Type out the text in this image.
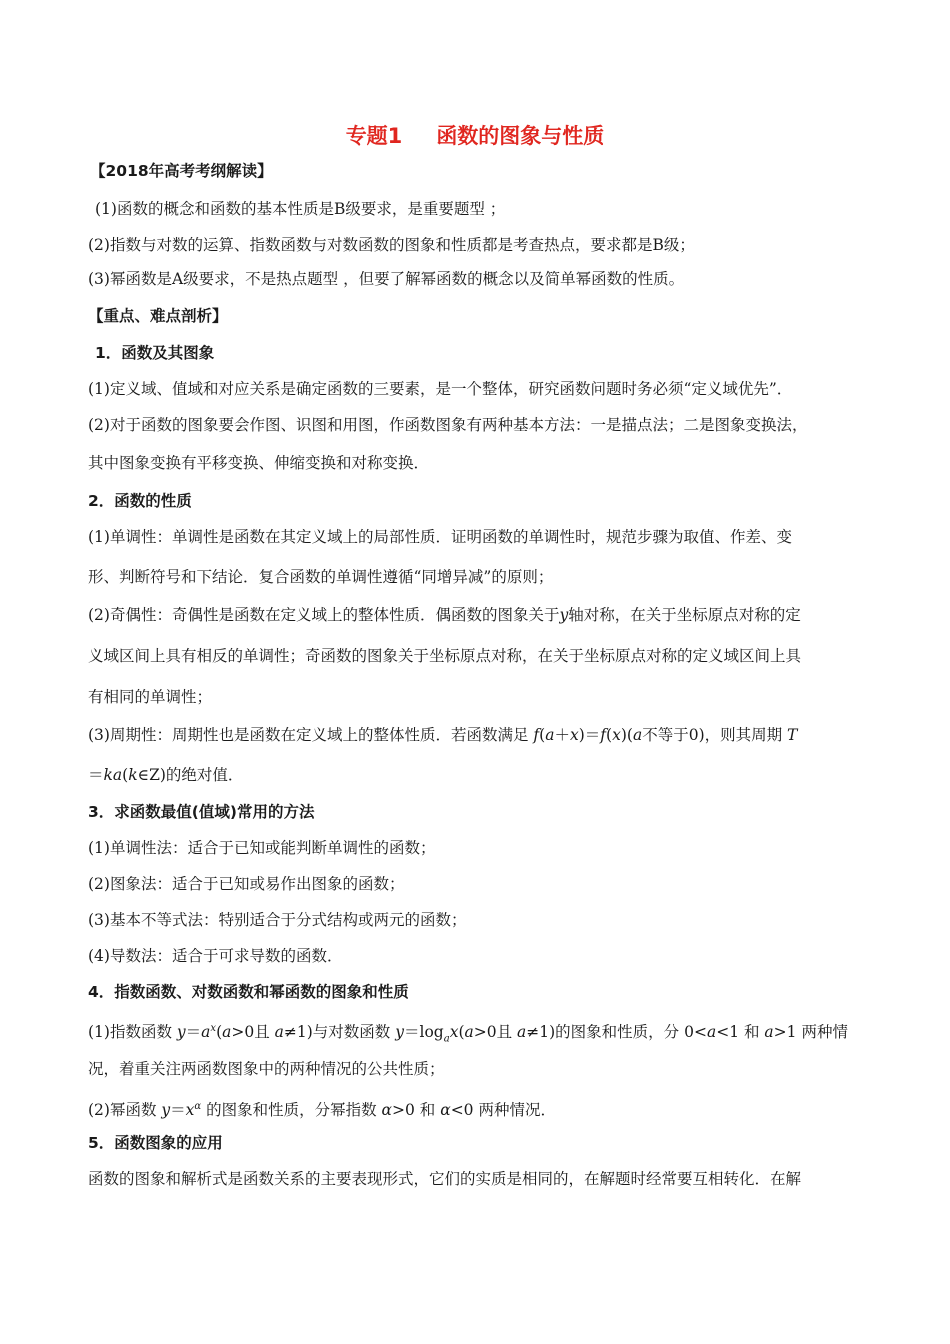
专题1 函数的图象与性质
【2018年高考考纲解读】
(1)函数的概念和函数的基本性质是B级要求，是重要题型 ；
(2)指数与对数的运算、指数函数与对数函数的图象和性质都是考查热点，要求都是B级；
(3)幂函数是A级要求，不是热点题型 ，但要了解幂函数的概念以及简单幂函数的性质。
【重点、难点剖析】
1．函数及其图象
(1)定义域、值域和对应关系是确定函数的三要素，是一个整体，研究函数问题时务必须“定义域优先”．
(2)对于函数的图象要会作图、识图和用图，作函数图象有两种基本方法：一是描点法；二是图象变换法，
其中图象变换有平移变换、伸缩变换和对称变换．
2．函数的性质
(1)单调性：单调性是函数在其定义域上的局部性质．证明函数的单调性时，规范步骤为取值、作差、变
形、判断符号和下结论．复合函数的单调性遵循“同增异减”的原则；
(2)奇偶性：奇偶性是函数在定义域上的整体性质．偶函数的图象关于y轴对称，在关于坐标原点对称的定
义域区间上具有相反的单调性；奇函数的图象关于坐标原点对称，在关于坐标原点对称的定义域区间上具
有相同的单调性；
(3)周期性：周期性也是函数在定义域上的整体性质．若函数满足 f(a＋x)＝f(x)(a不等于0)，则其周期 T
＝ka(k∈Z)的绝对值．
3．求函数最值(值域)常用的方法
(1)单调性法：适合于已知或能判断单调性的函数；
(2)图象法：适合于已知或易作出图象的函数；
(3)基本不等式法：特别适合于分式结构或两元的函数；
(4)导数法：适合于可求导数的函数．
4．指数函数、对数函数和幂函数的图象和性质
(1)指数函数 $y=a^x(a>0$且 a≠1)与对数函数 $y=\log_ax(a>0$且 a≠1)的图象和性质，分 0<a<1 和 a>1 两种情
况，着重关注两函数图象中的两种情况的公共性质；
(2)幂函数 $y=x^\alpha$ 的图象和性质，分幂指数 α>0 和 α<0 两种情况．
5．函数图象的应用
函数的图象和解析式是函数关系的主要表现形式，它们的实质是相同的，在解题时经常要互相转化．在解
